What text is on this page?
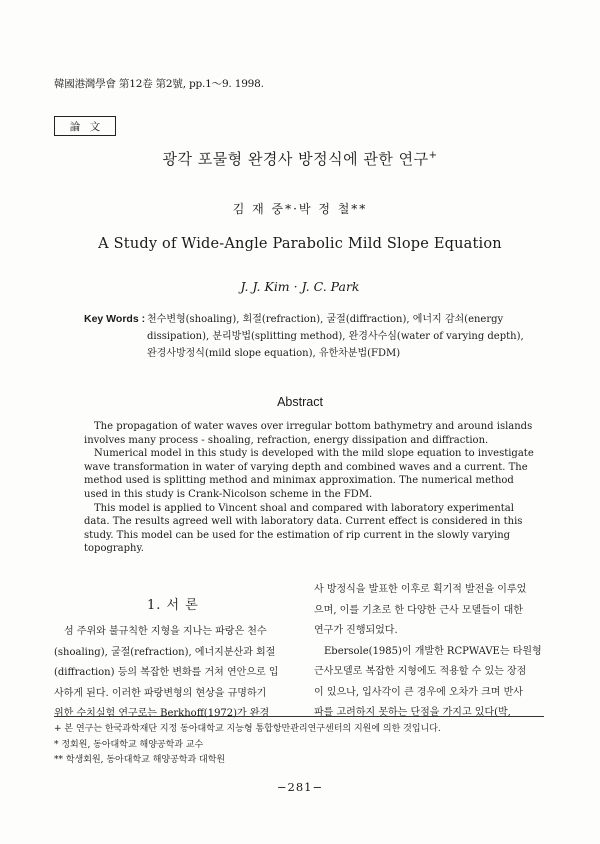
韓國港灣學會 第12卷 第2號, pp.1～9. 1998.
論 文
광각 포물형 완경사 방정식에 관한 연구+
김 재 중*·박 정 철**
A Study of Wide-Angle Parabolic Mild Slope Equation
J. J. Kim · J. C. Park
Key Words : 천수변형(shoaling), 회절(refraction), 굴절(diffraction), 에너지 감쇠(energy
dissipation), 분리방법(splitting method), 완경사수심(water of varying depth),
완경사방정식(mild slope equation), 유한차분법(FDM)
Abstract
The propagation of water waves over irregular bottom bathymetry and around islands
involves many process - shoaling, refraction, energy dissipation and diffraction.
Numerical model in this study is developed with the mild slope equation to investigate
wave transformation in water of varying depth and combined waves and a current. The
method used is splitting method and minimax approximation. The numerical method
used in this study is Crank-Nicolson scheme in the FDM.
This model is applied to Vincent shoal and compared with laboratory experimental
data. The results agreed well with laboratory data. Current effect is considered in this
study. This model can be used for the estimation of rip current in the slowly varying
topography.
1. 서 론
섬 주위와 불규칙한 지형을 지나는 파랑은 천수
(shoaling), 굴절(refraction), 에너지분산과 회절
(diffraction) 등의 복잡한 변화를 거쳐 연안으로 입
사하게 된다. 이러한 파랑변형의 현상을 규명하기
위한 수치실험 연구로는 Berkhoff(1972)가 완경
사 방정식을 발표한 이후로 획기적 발전을 이루었
으며, 이를 기초로 한 다양한 근사 모델들이 대한
연구가 진행되었다.
Ebersole(1985)이 개발한 RCPWAVE는 타원형
근사모델로 복잡한 지형에도 적용할 수 있는 장점
이 있으나, 입사각이 큰 경우에 오차가 크며 반사
파를 고려하지 못하는 단점을 가지고 있다(박,
+ 본 연구는 한국과학재단 지정 동아대학교 지능형 통합항만관리연구센터의 지원에 의한 것입니다.
* 정회원, 동아대학교 해양공학과 교수
** 학생회원, 동아대학교 해양공학과 대학원
−281−
